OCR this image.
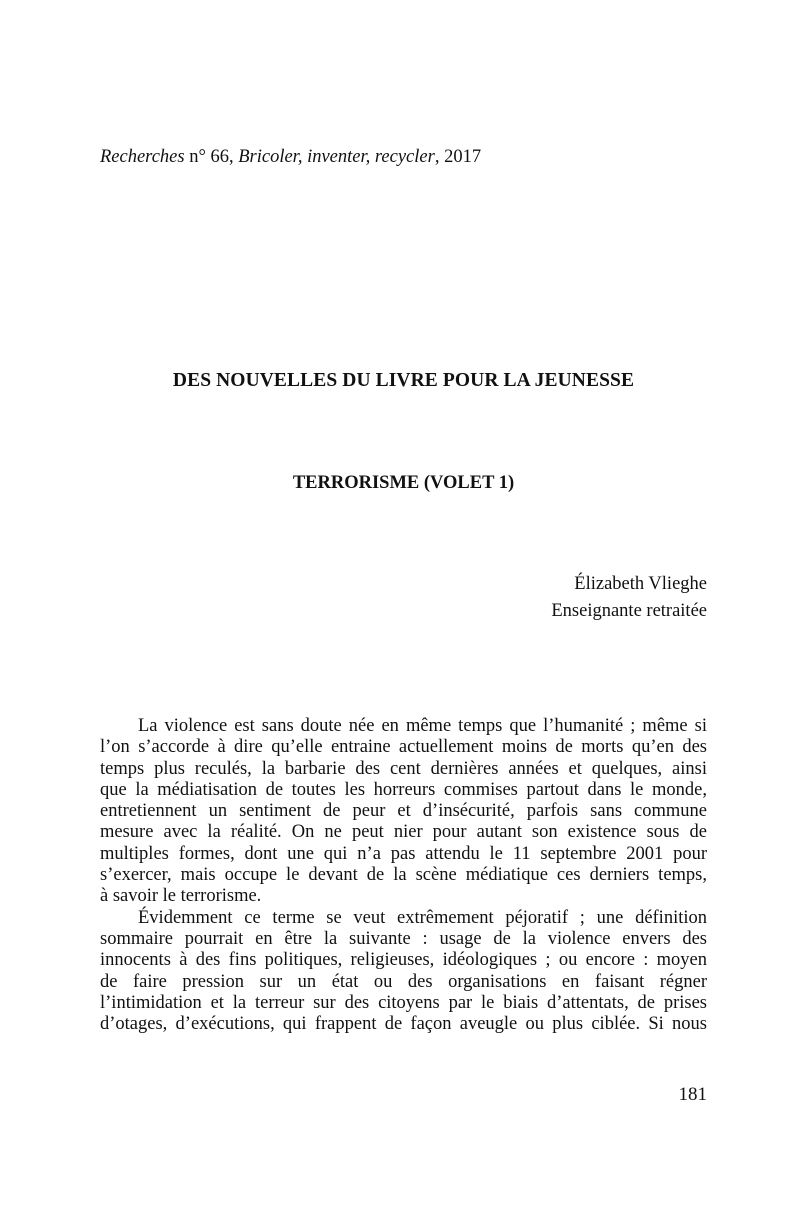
Recherches n° 66, Bricoler, inventer, recycler, 2017
DES NOUVELLES DU LIVRE POUR LA JEUNESSE
TERRORISME (VOLET 1)
Élizabeth Vlieghe
Enseignante retraitée
La violence est sans doute née en même temps que l’humanité ; même si
l’on s’accorde à dire qu’elle entraine actuellement moins de morts qu’en des
temps plus reculés, la barbarie des cent dernières années et quelques, ainsi
que la médiatisation de toutes les horreurs commises partout dans le monde,
entretiennent un sentiment de peur et d’insécurité, parfois sans commune
mesure avec la réalité. On ne peut nier pour autant son existence sous de
multiples formes, dont une qui n’a pas attendu le 11 septembre 2001 pour
s’exercer, mais occupe le devant de la scène médiatique ces derniers temps,
à savoir le terrorisme.
Évidemment ce terme se veut extrêmement péjoratif ; une définition
sommaire pourrait en être la suivante : usage de la violence envers des
innocents à des fins politiques, religieuses, idéologiques ; ou encore : moyen
de faire pression sur un état ou des organisations en faisant régner
l’intimidation et la terreur sur des citoyens par le biais d’attentats, de prises
d’otages, d’exécutions, qui frappent de façon aveugle ou plus ciblée. Si nous
181
